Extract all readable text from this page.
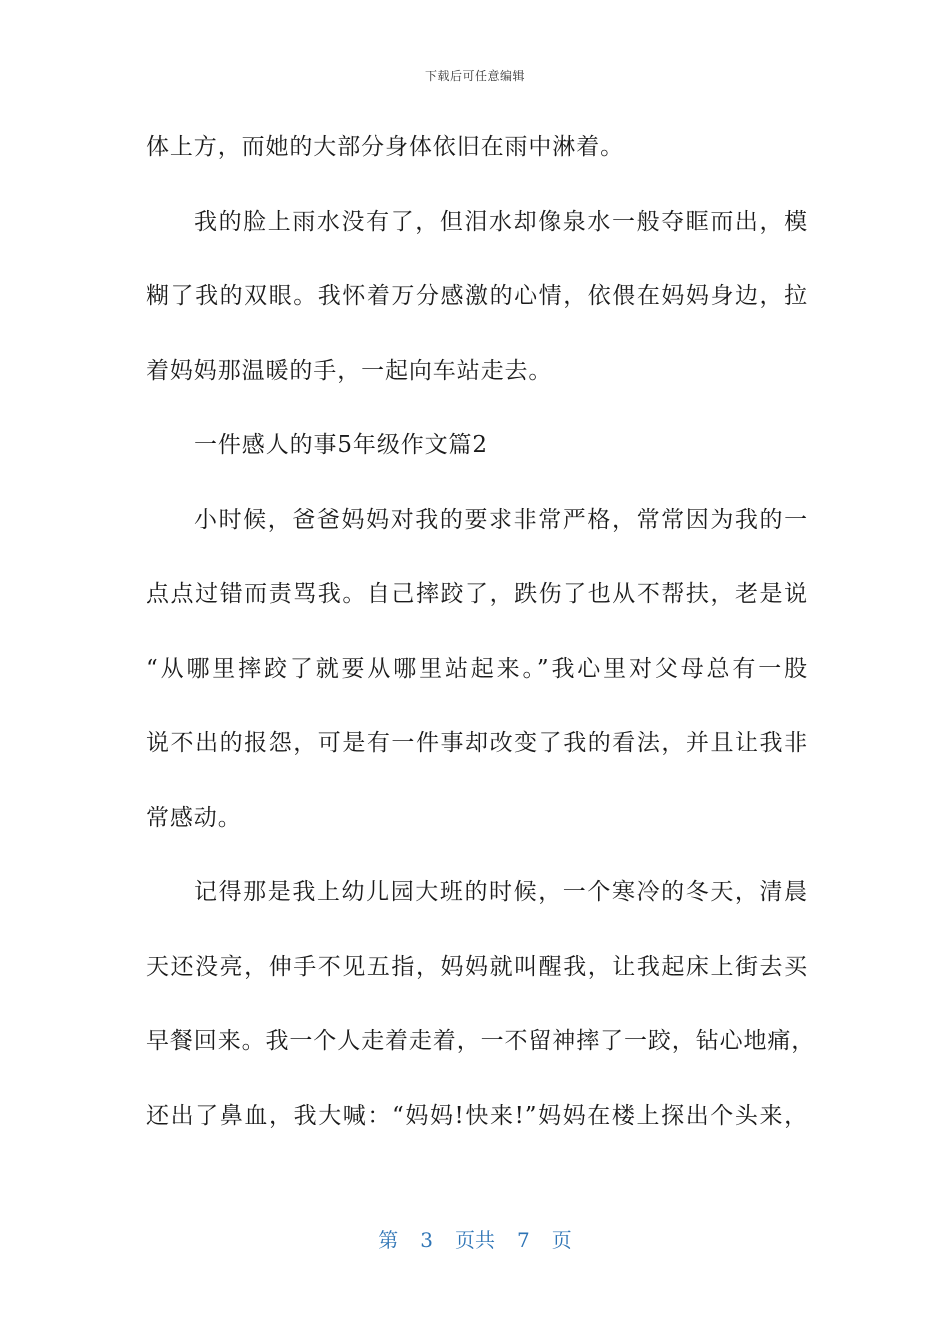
下载后可任意编辑
体上方，而她的大部分身体依旧在雨中淋着。
我的脸上雨水没有了，但泪水却像泉水一般夺眶而出，模
糊了我的双眼。我怀着万分感激的心情，依偎在妈妈身边，拉
着妈妈那温暖的手，一起向车站走去。
一件感人的事5年级作文篇2
小时候，爸爸妈妈对我的要求非常严格，常常因为我的一
点点过错而责骂我。自己摔跤了，跌伤了也从不帮扶，老是说
“从哪里摔跤了就要从哪里站起来。”我心里对父母总有一股
说不出的报怨，可是有一件事却改变了我的看法，并且让我非
常感动。
记得那是我上幼儿园大班的时候，一个寒冷的冬天，清晨
天还没亮，伸手不见五指，妈妈就叫醒我，让我起床上街去买
早餐回来。我一个人走着走着，一不留神摔了一跤，钻心地痛，
还出了鼻血，我大喊：“妈妈!快来!”妈妈在楼上探出个头来，
第 3 页共 7 页
